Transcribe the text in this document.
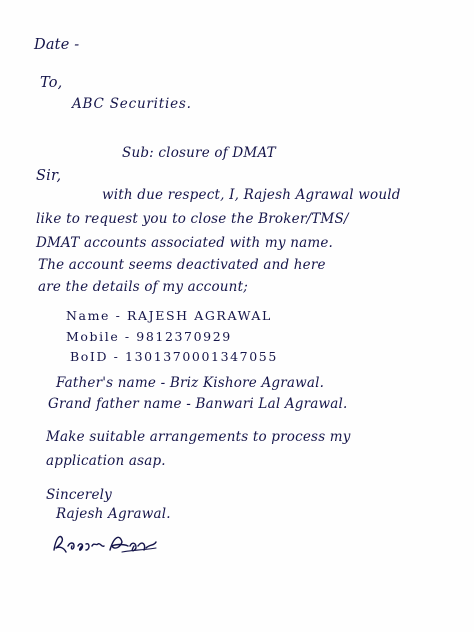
Date -
To,
ABC Securities.
Sub: closure of DMAT
Sir,
with due respect, I, Rajesh Agrawal would
like to request you to close the Broker/TMS/
DMAT accounts associated with my name.
The account seems deactivated and here
are the details of my account;
Name - RAJESH AGRAWAL
Mobile - 9812370929
BoID - 1301370001347055
Father's name - Briz Kishore Agrawal.
Grand father name - Banwari Lal Agrawal.
Make suitable arrangements to process my
application asap.
Sincerely
Rajesh Agrawal.
